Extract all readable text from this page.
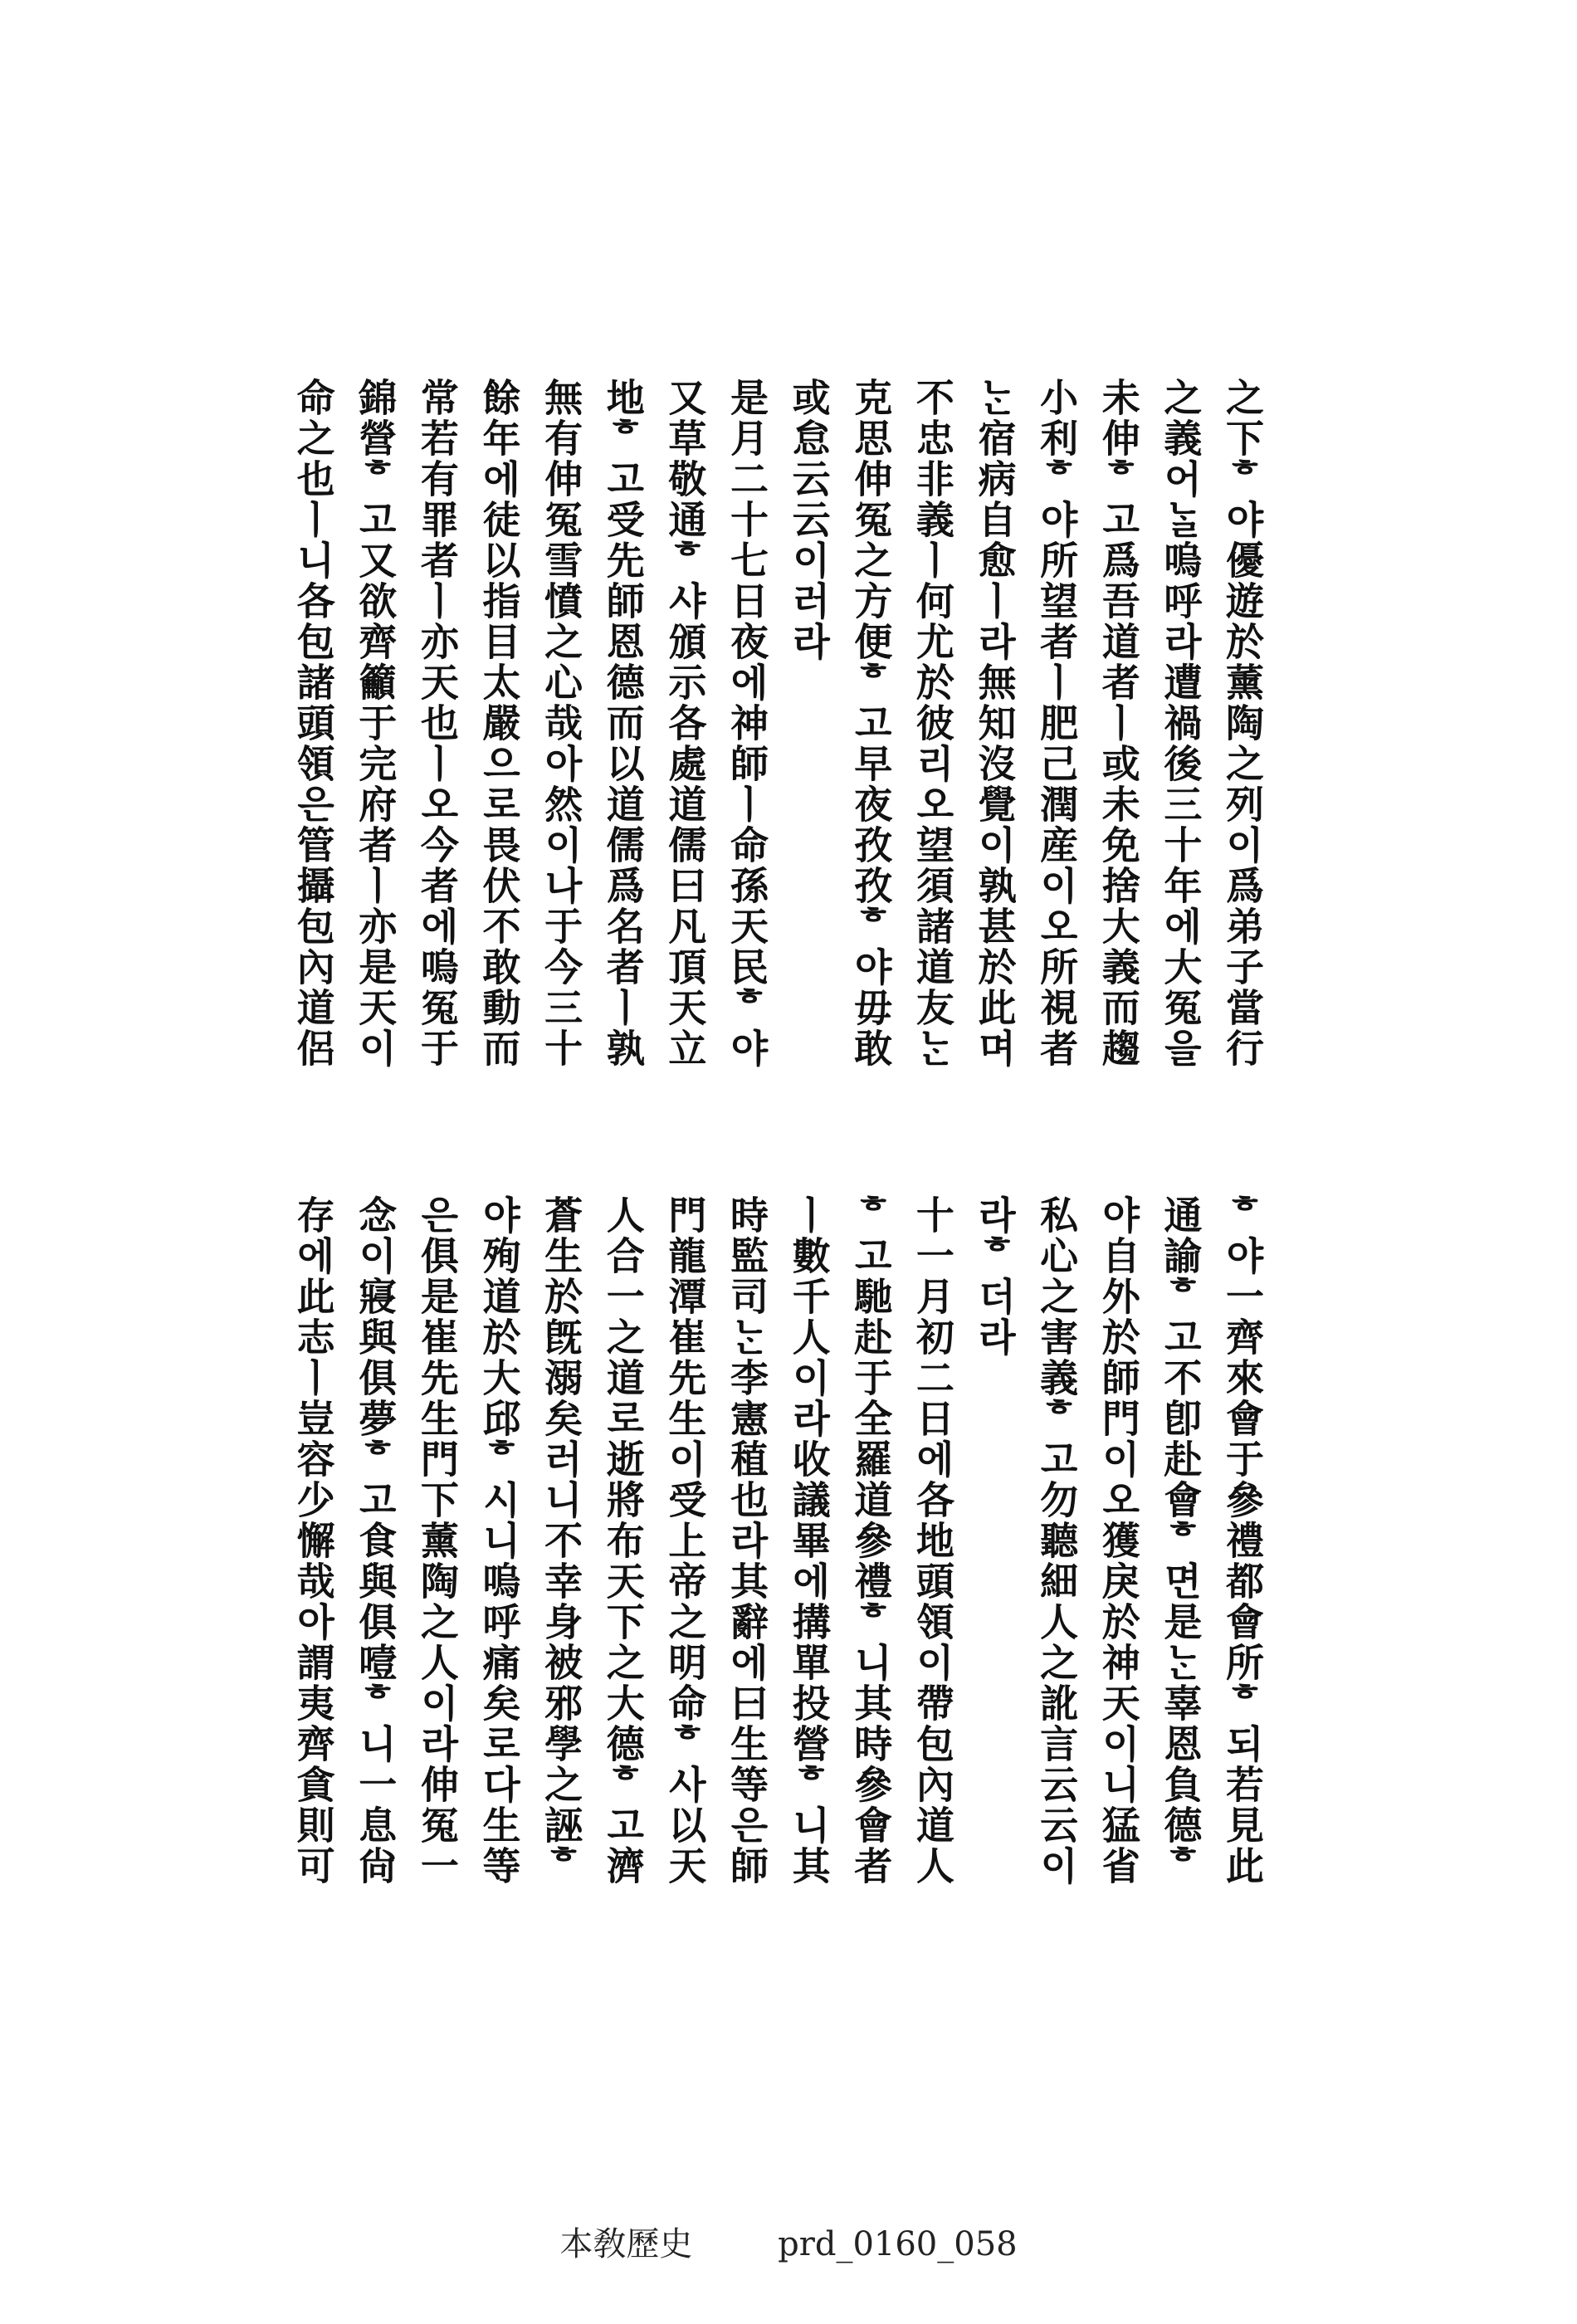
之下ᄒ야優遊於薰陶之列이爲弟子當行
之義어ᄂᆞᆯ嗚呼라遭禍後三十年에大冤을
未伸ᄒ고爲吾道者ㅣ或未免捨大義而趨
小利ᄒ야所望者ㅣ肥己潤産이오所視者
ᄂᆞᆫ宿病自愈ㅣ라無知沒覺이孰甚於此며
不忠非義ㅣ何尤於彼리오望須諸道友ᄂᆞᆫ
克思伸冤之方便ᄒ고早夜孜孜ᄒ야毋敢
或怠云云이러라
是月二十七日夜에神師ㅣ命孫天民ᄒ야
又草敬通ᄒ샤頒示各處道儒曰凡頂天立
地ᄒ고受先師恩德而以道儒爲名者ㅣ孰
無有伸冤雪憤之心哉아然이나于今三十
餘年에徒以指目太嚴으로畏伏不敢動而
常若有罪者ㅣ亦天也ㅣ오今者에嗚冤于
錦營ᄒ고又欲齊籲于完府者ㅣ亦是天이
命之也ㅣ니各包諸頭領은管攝包內道侶
ᄒ야一齊來會于參禮都會所ᄒ되若見此
通諭ᄒ고不卽赴會ᄒ면是ᄂᆞᆫ辜恩負德ᄒ
야自外於師門이오獲戾於神天이니猛省
私心之害義ᄒ고勿聽細人之訛言云云이
라ᄒ더라
十一月初二日에各地頭領이帶包內道人
ᄒ고馳赴于全羅道參禮ᄒ니其時參會者
ㅣ數千人이라收議畢에搆單投營ᄒ니其
時監司ᄂᆞᆫ李憲稙也라其辭에曰生等은師
門龍潭崔先生이受上帝之明命ᄒ사以天
人合一之道로逝將布天下之大德ᄒ고濟
蒼生於旣溺矣러니不幸身被邪學之誣ᄒ
야殉道於大邱ᄒ시니嗚呼痛矣로다生等
은俱是崔先生門下薰陶之人이라伸冤一
念이寢與俱夢ᄒ고食與俱噎ᄒ니一息尙
存에此志ㅣ豈容少懈哉아謂夷齊貪則可
本敎歷史	prd_0160_058
